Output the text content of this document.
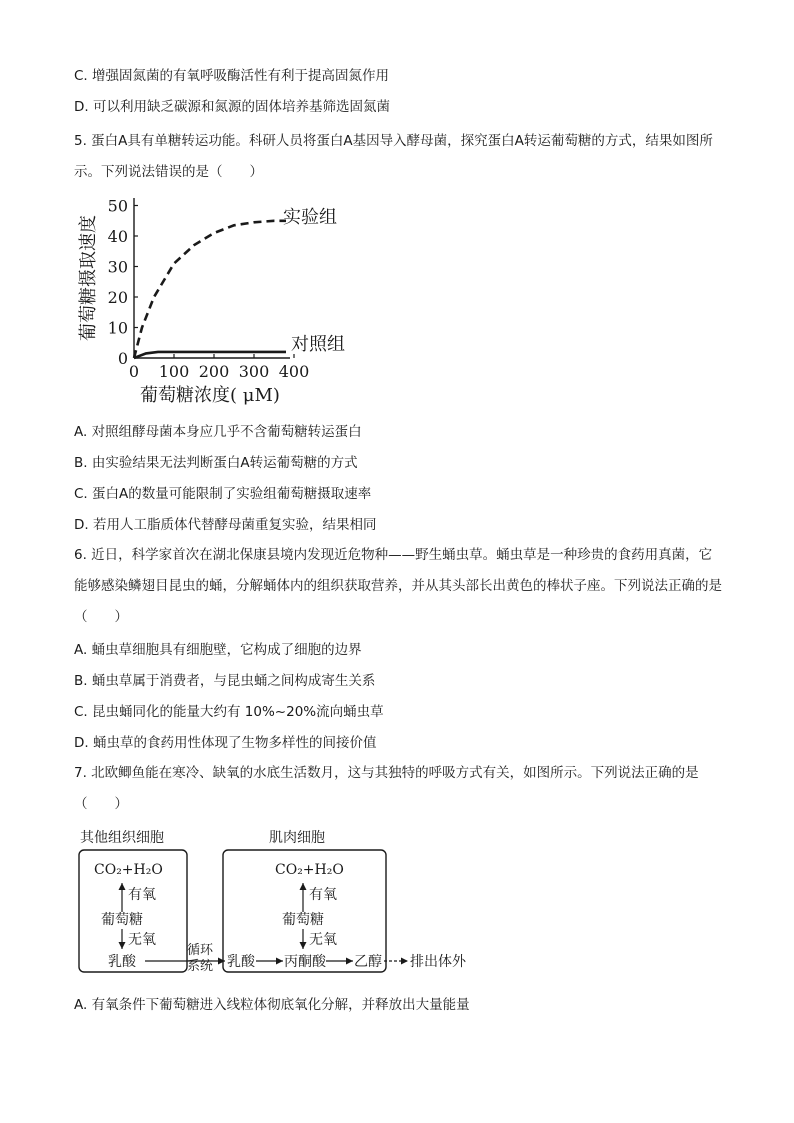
C. 增强固氮菌的有氧呼吸酶活性有利于提高固氮作用
D. 可以利用缺乏碳源和氮源的固体培养基筛选固氮菌
5. 蛋白A具有单糖转运功能。科研人员将蛋白A基因导入酵母菌，探究蛋白A转运葡萄糖的方式，结果如图所示。下列说法错误的是（　　）
0
10
20
30
40
50
0 100 200 300 400
实验组
对照组
葡萄糖浓度( μM)
葡萄糖摄取速度
A. 对照组酵母菌本身应几乎不含葡萄糖转运蛋白
B. 由实验结果无法判断蛋白A转运葡萄糖的方式
C. 蛋白A的数量可能限制了实验组葡萄糖摄取速率
D. 若用人工脂质体代替酵母菌重复实验，结果相同
6. 近日，科学家首次在湖北保康县境内发现近危物种——野生蛹虫草。蛹虫草是一种珍贵的食药用真菌，它能够感染鳞翅目昆虫的蛹，分解蛹体内的组织获取营养，并从其头部长出黄色的棒状子座。下列说法正确的是（　　）
A. 蛹虫草细胞具有细胞壁，它构成了细胞的边界
B. 蛹虫草属于消费者，与昆虫蛹之间构成寄生关系
C. 昆虫蛹同化的能量大约有 10%~20%流向蛹虫草
D. 蛹虫草的食药用性体现了生物多样性的间接价值
7. 北欧鲫鱼能在寒冷、缺氧的水底生活数月，这与其独特的呼吸方式有关，如图所示。下列说法正确的是（　　）
其他组织细胞	肌肉细胞
CO₂+H₂O
有氧
葡萄糖
无氧
乳酸
循环
系统
CO₂+H₂O
有氧
葡萄糖
无氧
乳酸 丙酮酸 乙醇 排出体外
A. 有氧条件下葡萄糖进入线粒体彻底氧化分解，并释放出大量能量
